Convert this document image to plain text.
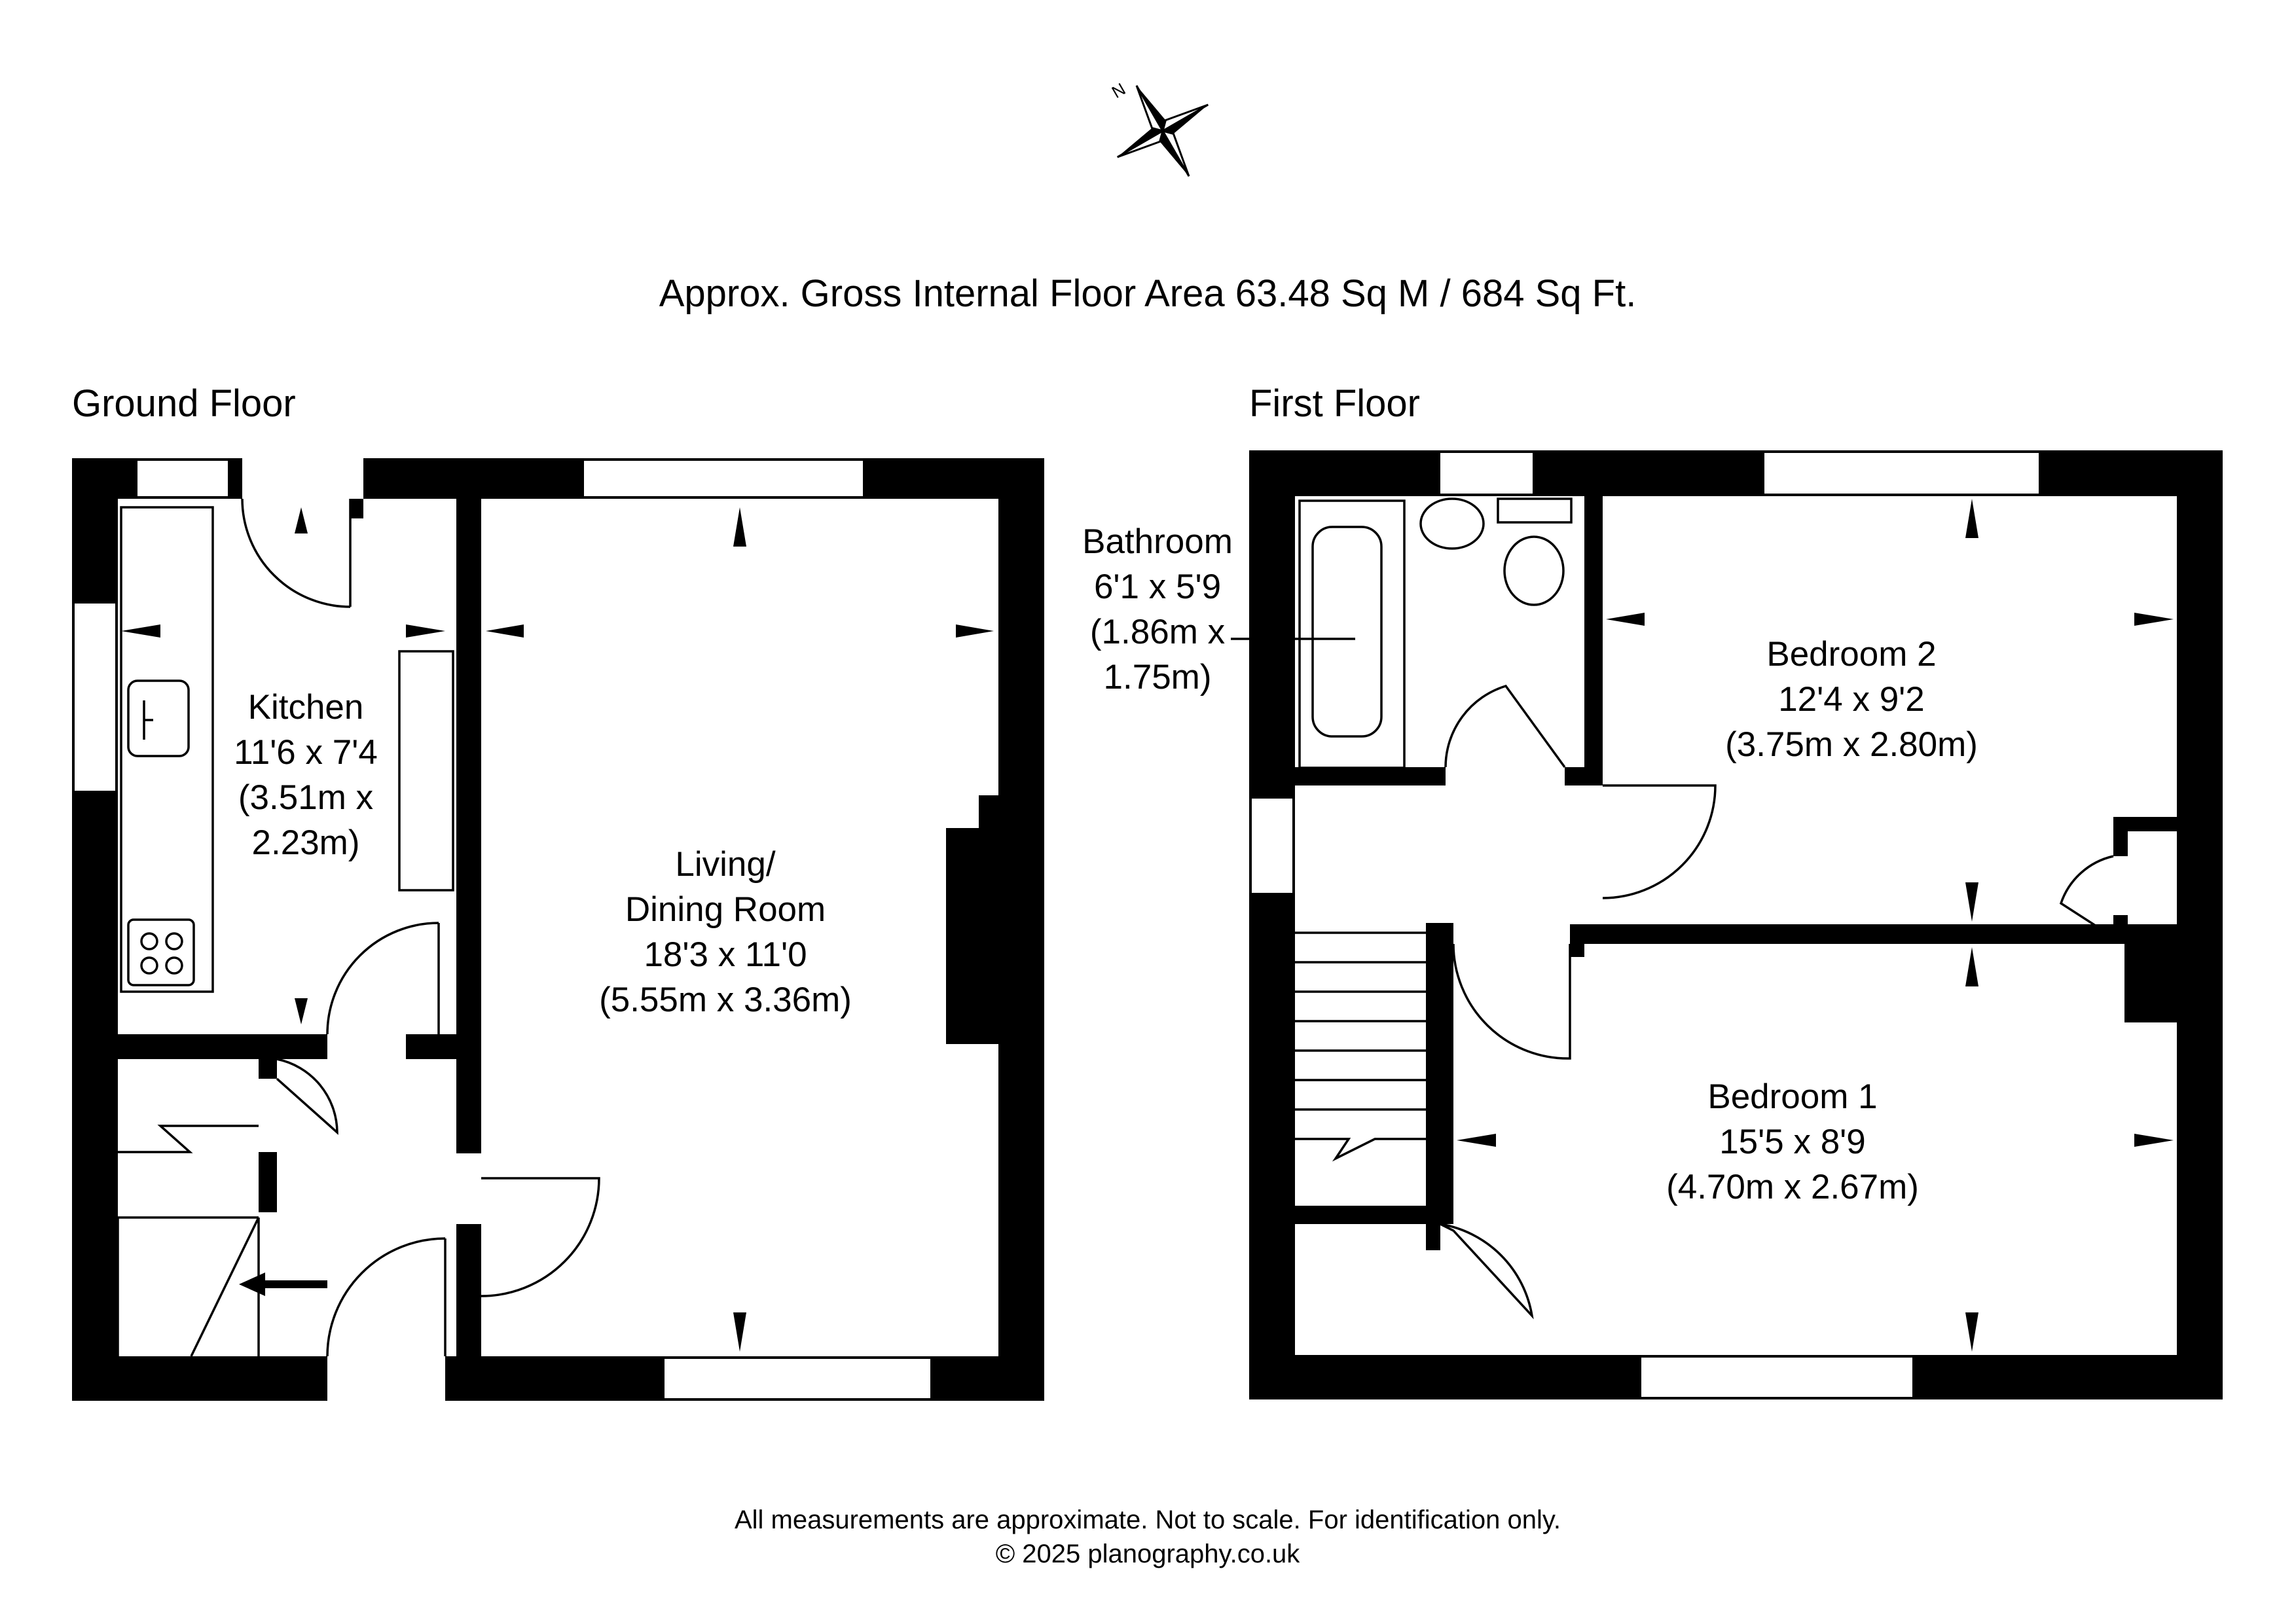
N
Approx. Gross Internal Floor Area 63.48 Sq M / 684 Sq Ft.
Ground Floor	First Floor
Kitchen
11'6 x 7'4
(3.51m x
2.23m)
Living/
Dining Room
18'3 x 11'0
(5.55m x 3.36m)
Bathroom
6'1 x 5'9
(1.86m x
1.75m)
Bedroom 2
12'4 x 9'2
(3.75m x 2.80m)
Bedroom 1
15'5 x 8'9
(4.70m x 2.67m)
All measurements are approximate. Not to scale. For identification only.
© 2025 planography.co.uk
